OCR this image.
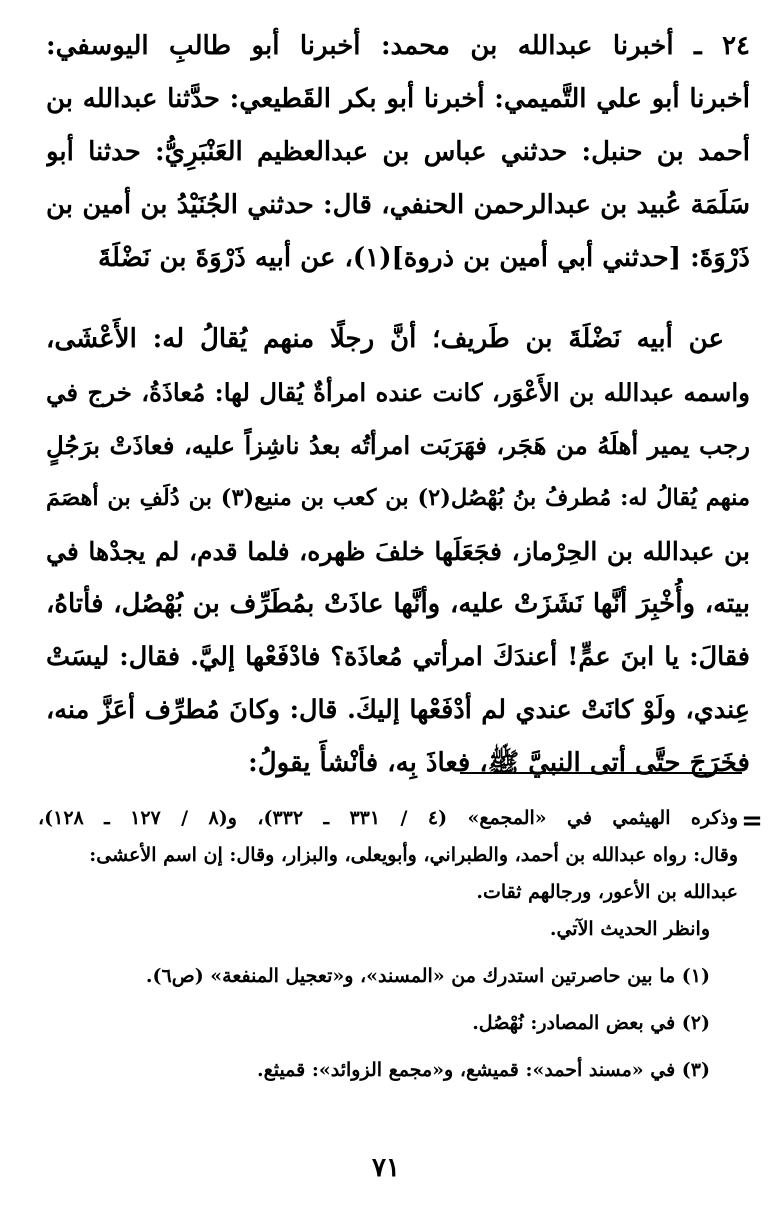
٢٤ ـ أخبرنا عبدالله بن محمد: أخبرنا أبو طالبِ اليوسفي:
أخبرنا أبو علي التَّميمي: أخبرنا أبو بكر القَطيعي: حدَّثنا عبدالله بن
أحمد بن حنبل: حدثني عباس بن عبدالعظيم العَنْبَرِيُّ: حدثنا أبو
سَلَمَة عُبيد بن عبدالرحمن الحنفي، قال: حدثني الجُنَيْدُ بن أمين بن
ذَرْوَةَ: [حدثني أبي أمين بن ذروة](١)، عن أبيه ذَرْوَةَ بن نَضْلَةَ
عن أبيه نَضْلَةَ بن طَريف؛ أنَّ رجلًا منهم يُقالُ له: الأَعْشَى،
واسمه عبدالله بن الأَعْوَر، كانت عنده امرأةٌ يُقال لها: مُعاذَةُ، خرج في
رجب يمير أهلَهُ من هَجَر، فهَرَبَت امرأتُه بعدُ ناشِزاً عليه، فعاذَتْ برَجُلٍ
منهم يُقالُ له: مُطرفُ بنُ بُهْصُل(٢) بن كعب بن منيع(٣) بن دُلَفِ بن أهصَمَ
بن عبدالله بن الحِرْماز، فجَعَلَها خلفَ ظهره، فلما قدم، لم يجدْها في
بيته، وأُخْبِرَ أنَّها نَشَزَتْ عليه، وأنَّها عاذَتْ بمُطَرِّف بن بُهْصُل، فأتاهُ،
فقالَ: يا ابنَ عمٍّ! أعندَكَ امرأتي مُعاذَة؟ فادْفَعْها إليَّ. فقال: ليسَتْ
عِندي، ولَوْ كانَتْ عندي لم أدْفَعْها إليكَ. قال: وكانَ مُطرِّف أعَزَّ منه،
فخَرَجَ حتَّى أتى النبيَّ ﷺ، فعاذَ بِه، فأنْشأَ يقولُ:
=
وذكره الهيثمي في «المجمع» (٤ / ٣٣١ ـ ٣٣٢)، و(٨ / ١٢٧ ـ ١٢٨)،
وقال: رواه عبدالله بن أحمد، والطبراني، وأبويعلى، والبزار، وقال: إن اسم الأعشى:
عبدالله بن الأعور، ورجالهم ثقات.
وانظر الحديث الآتي.
(١) ما بين حاصرتين استدرك من «المسند»، و«تعجيل المنفعة» (ص٦).
(٢) في بعض المصادر: نُهْصُل.
(٣) في «مسند أحمد»: قميشع، و«مجمع الزوائد»: قميثع.
٧١
